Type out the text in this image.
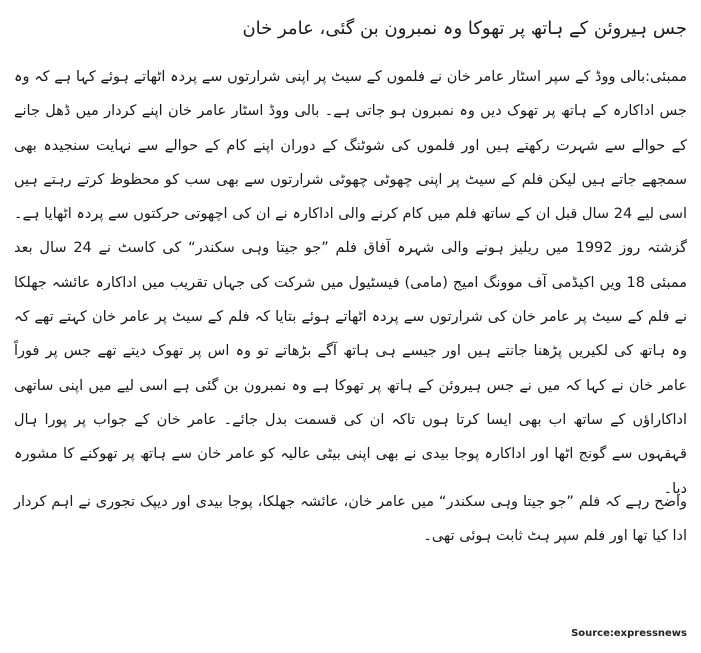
جس ہیروئن کے ہاتھ پر تھوکا وہ نمبرون بن گئی، عامر خان

ممبئی:بالی ووڈ کے سپر اسٹار عامر خان نے فلموں کے سیٹ پر اپنی شرارتوں سے پردہ اٹھاتے ہوئے کہا ہے کہ وہ جس اداکارہ کے ہاتھ پر تھوک دیں وہ نمبرون ہو جاتی ہے۔ بالی ووڈ اسٹار عامر خان اپنے کردار میں ڈھل جانے کے حوالے سے شہرت رکھتے ہیں اور فلموں کی شوٹنگ کے دوران اپنے کام کے حوالے سے نہایت سنجیدہ بھی سمجھے جاتے ہیں لیکن فلم کے سیٹ پر اپنی چھوٹی چھوٹی شرارتوں سے بھی سب کو محظوظ کرتے رہتے ہیں اسی لیے 24 سال قبل ان کے ساتھ فلم میں کام کرنے والی اداکارہ نے ان کی اچھوتی حرکتوں سے پردہ اٹھایا ہے۔ گزشتہ روز 1992 میں ریلیز ہونے والی شہرہ آفاق فلم ”جو جیتا وہی سکندر“ کی کاسٹ نے 24 سال بعد ممبئی 18 ویں اکیڈمی آف موونگ امیج (مامی) فیسٹیول میں شرکت کی جہاں تقریب میں اداکارہ عائشہ جھلکا نے فلم کے سیٹ پر عامر خان کی شرارتوں سے پردہ اٹھاتے ہوئے بتایا کہ فلم کے سیٹ پر عامر خان کہتے تھے کہ وہ ہاتھ کی لکیریں پڑھنا جانتے ہیں اور جیسے ہی ہاتھ آگے بڑھاتے تو وہ اس پر تھوک دیتے تھے جس پر فوراً عامر خان نے کہا کہ میں نے جس ہیروئن کے ہاتھ پر تھوکا ہے وہ نمبرون بن گئی ہے اسی لیے میں اپنی ساتھی اداکاراؤں کے ساتھ اب بھی ایسا کرتا ہوں تاکہ ان کی قسمت بدل جائے۔ عامر خان کے جواب پر پورا ہال قہقہوں سے گونج اٹھا اور اداکارہ پوجا بیدی نے بھی اپنی بیٹی عالیہ کو عامر خان سے ہاتھ پر تھوکنے کا مشورہ دیا۔

واضح رہے کہ فلم ”جو جیتا وہی سکندر“ میں عامر خان، عائشہ جھلکا، پوجا بیدی اور دیپک تجوری نے اہم کردار ادا کیا تھا اور فلم سپر ہٹ ثابت ہوئی تھی۔

Source:expressnews
